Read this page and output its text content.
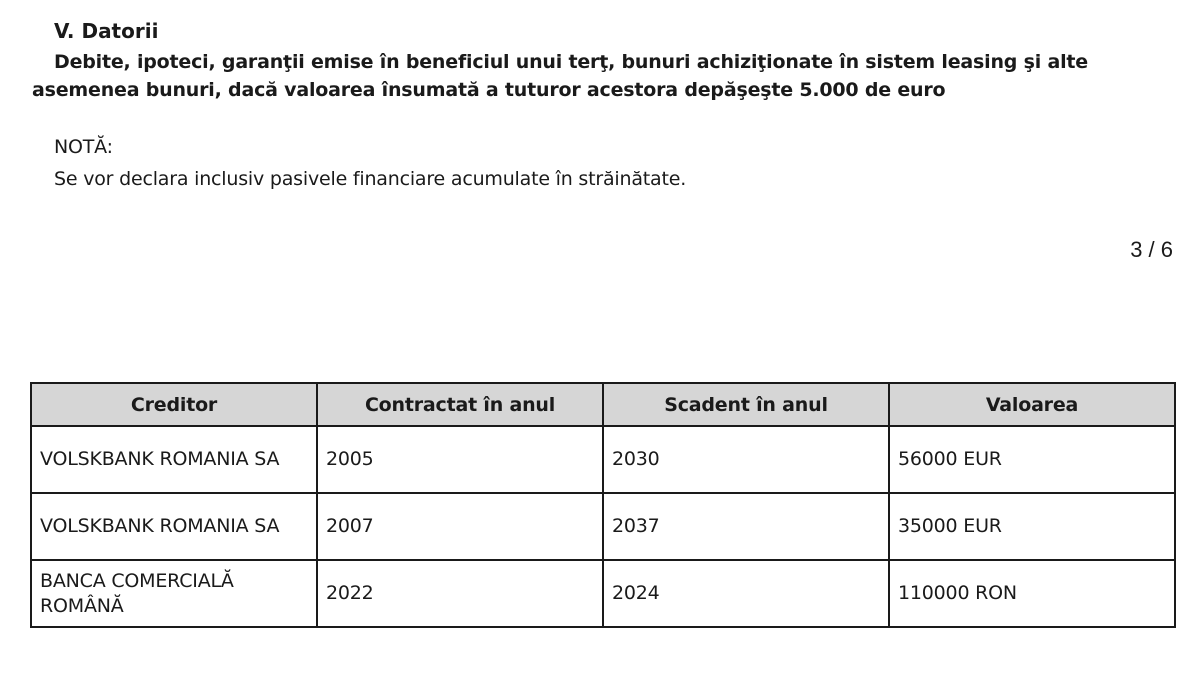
V. Datorii
Debite, ipoteci, garanţii emise în beneficiul unui terţ, bunuri achiziţionate în sistem leasing şi alte asemenea bunuri, dacă valoarea însumată a tuturor acestora depăşeşte 5.000 de euro
NOTĂ:
Se vor declara inclusiv pasivele financiare acumulate în străinătate.
3 / 6
Creditor	Contractat în anul	Scadent în anul	Valoarea
VOLSKBANK ROMANIA SA	2005	2030	56000 EUR
VOLSKBANK ROMANIA SA	2007	2037	35000 EUR
BANCA COMERCIALĂ ROMÂNĂ	2022	2024	110000 RON
